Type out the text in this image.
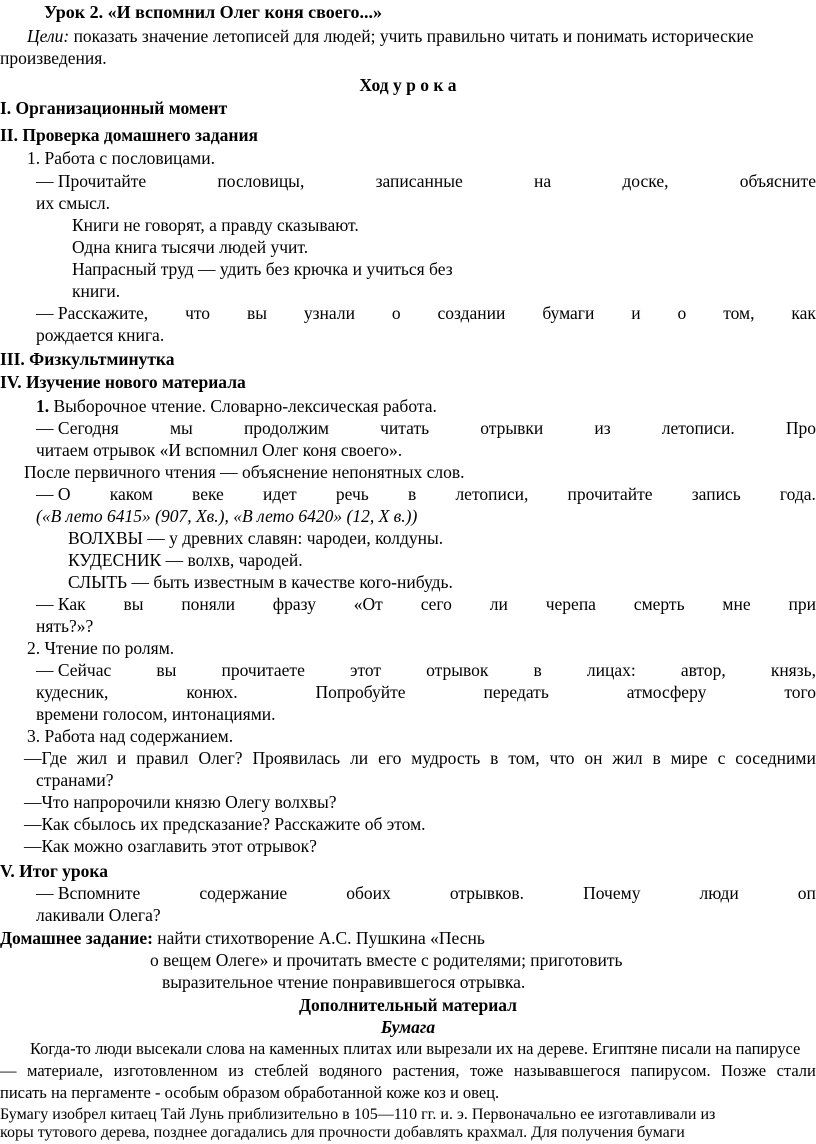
Урок 2. «И вспомнил Олег коня своего...»
Цели: показать значение летописей для людей; учить правильно читать и понимать исторические
произведения.
Ход у р о к а
I. Организационный момент
II. Проверка домашнего задания
1. Работа с пословицами.
— Прочитайте	пословицы,	записанные	на	доске,	объясните
их смысл.
Книги не говорят, а правду сказывают.
Одна книга тысячи людей учит.
Напрасный труд — удить без крючка и учиться без
книги.
— Расскажите, что вы узнали о создании бумаги и о том, как
рождается книга.
III. Физкультминутка
IV. Изучение нового материала
1. Выборочное чтение. Словарно-лексическая работа.
— Сегодня	мы	продолжим	читать	отрывки	из	летописи.	Про
читаем отрывок «И вспомнил Олег коня своего».
После первичного чтения — объяснение непонятных слов.
— О каком веке идет речь в летописи, прочитайте запись года.
(«В лето 6415» (907, Хв.), «В лето 6420» (12, X в.))
ВОЛХВЫ — у древних славян: чародеи, колдуны.
КУДЕСНИК — волхв, чародей.
СЛЫТЬ — быть известным в качестве кого-нибудь.
— Как вы поняли фразу «От сего ли черепа смерть мне при
нять?»?
2. Чтение по ролям.
— Сейчас	вы	прочитаете	этот	отрывок	в	лицах:	автор,	князь,
кудесник,	конюх.	Попробуйте	передать	атмосферу	того
времени голосом, интонациями.
3. Работа над содержанием.
—Где жил и правил Олег? Проявилась ли его мудрость в том, что он жил в мире с соседними
странами?
—Что напророчили князю Олегу волхвы?
—Как сбылось их предсказание? Расскажите об этом.
—Как можно озаглавить этот отрывок?
V. Итог урока
— Вспомните	содержание	обоих	отрывков.	Почему	люди	оп
лакивали Олега?
Домашнее задание: найти стихотворение А.С. Пушкина «Песнь
о вещем Олеге» и прочитать вместе с родителями; приготовить
выразительное чтение понравившегося отрывка.
Дополнительный материал
Бумага
Когда-то люди высекали слова на каменных плитах или вырезали их на дереве. Египтяне писали на папирусе
— материале, изготовленном из стеблей водяного растения, тоже называвшегося папирусом. Позже стали
писать на пергаменте - особым образом обработанной коже коз и овец.
Бумагу изобрел китаец Тай Лунь приблизительно в 105—110 гг. и. э. Первоначально ее изготавливали из
коры тутового дерева, позднее догадались для прочности добавлять крахмал. Для получения бумаги
